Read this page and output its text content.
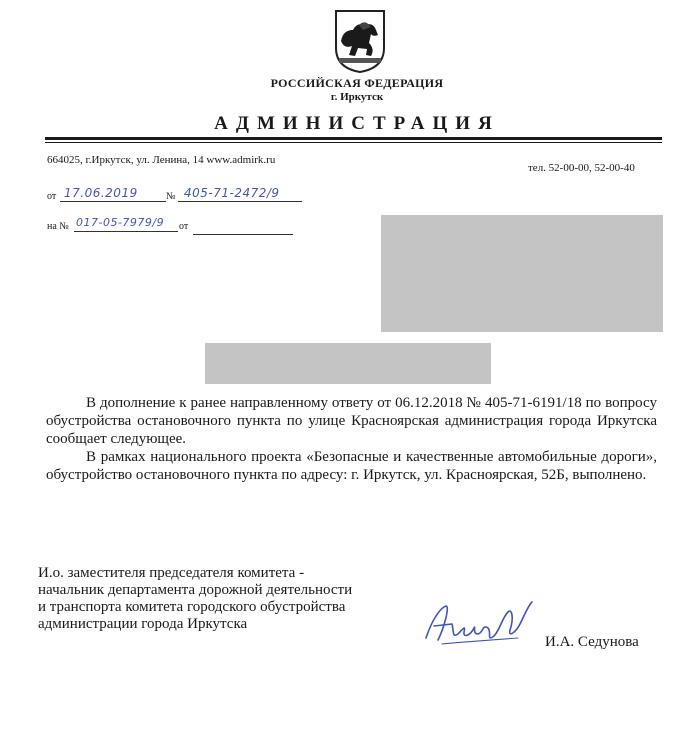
РОССИЙСКАЯ ФЕДЕРАЦИЯ
г. Иркутск
АДМИНИСТРАЦИЯ
664025, г.Иркутск, ул. Ленина, 14 www.admirk.ru
тел. 52-00-00, 52-00-40
от 17.06.2019	№ 405-71-2472/9
на № 017-05-7979/9 от

В дополнение к ранее направленному ответу от 06.12.2018 № 405-71-6191/18 по вопросу обустройства остановочного пункта по улице Красноярская администрация города Иркутска сообщает следующее.

В рамках национального проекта «Безопасные и качественные автомобильные дороги», обустройство остановочного пункта по адресу: г. Иркутск, ул. Красноярская, 52Б, выполнено.

И.о. заместителя председателя комитета -
начальник департамента дорожной деятельности
и транспорта комитета городского обустройства
администрации города Иркутска
И.А. Седунова
